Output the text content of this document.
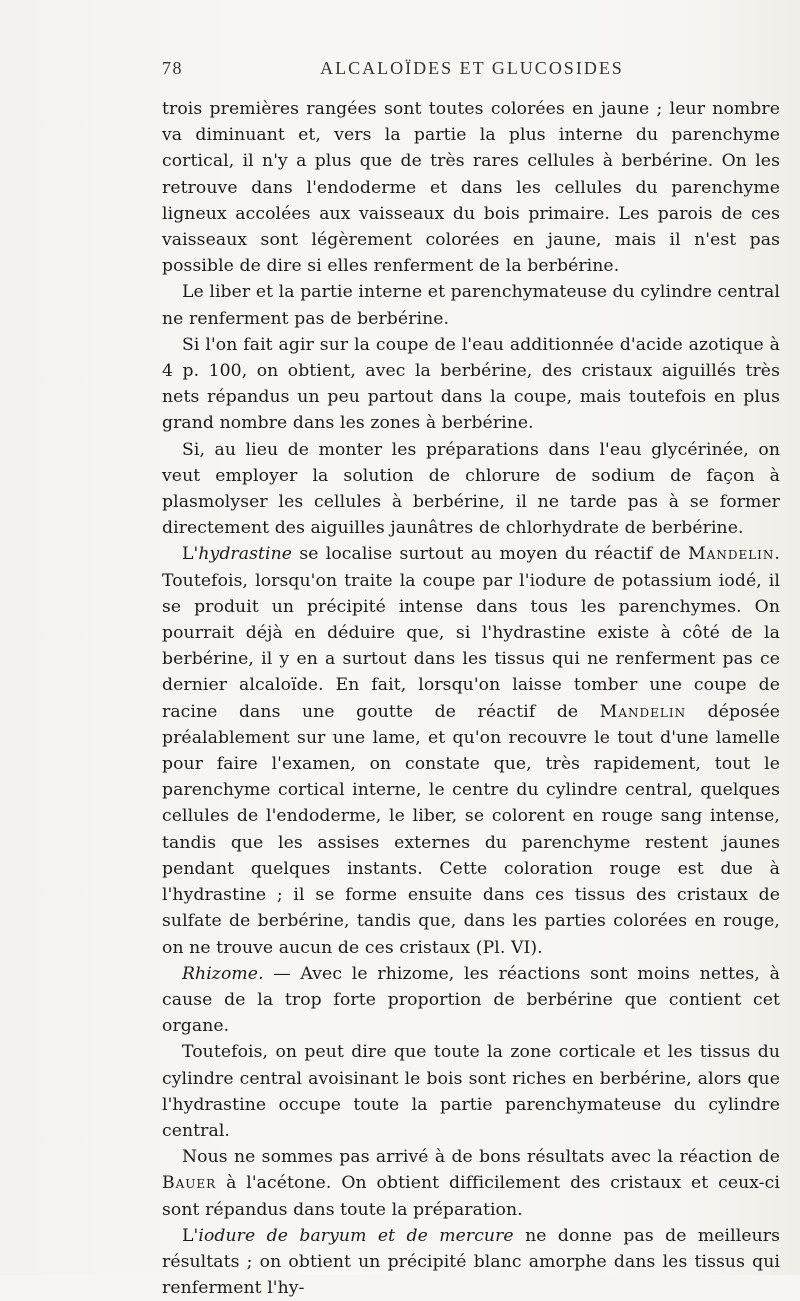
78	ALCALOÏDES ET GLUCOSIDES

trois premières rangées sont toutes colorées en jaune ; leur nombre va diminuant et, vers la partie la plus interne du parenchyme cortical, il n'y a plus que de très rares cellules à berbérine. On les retrouve dans l'endoderme et dans les cellules du parenchyme ligneux accolées aux vaisseaux du bois primaire. Les parois de ces vaisseaux sont légèrement colorées en jaune, mais il n'est pas possible de dire si elles renferment de la berbérine.

Le liber et la partie interne et parenchymateuse du cylindre central ne renferment pas de berbérine.

Si l'on fait agir sur la coupe de l'eau additionnée d'acide azotique à 4 p. 100, on obtient, avec la berbérine, des cristaux aiguillés très nets répandus un peu partout dans la coupe, mais toutefois en plus grand nombre dans les zones à berbérine.

Si, au lieu de monter les préparations dans l'eau glycérinée, on veut employer la solution de chlorure de sodium de façon à plasmolyser les cellules à berbérine, il ne tarde pas à se former directement des aiguilles jaunâtres de chlorhydrate de berbérine.

L'hydrastine se localise surtout au moyen du réactif de Mandelin. Toutefois, lorsqu'on traite la coupe par l'iodure de potassium iodé, il se produit un précipité intense dans tous les parenchymes. On pourrait déjà en déduire que, si l'hydrastine existe à côté de la berbérine, il y en a surtout dans les tissus qui ne renferment pas ce dernier alcaloïde. En fait, lorsqu'on laisse tomber une coupe de racine dans une goutte de réactif de Mandelin déposée préalablement sur une lame, et qu'on recouvre le tout d'une lamelle pour faire l'examen, on constate que, très rapidement, tout le parenchyme cortical interne, le centre du cylindre central, quelques cellules de l'endoderme, le liber, se colorent en rouge sang intense, tandis que les assises externes du parenchyme restent jaunes pendant quelques instants. Cette coloration rouge est due à l'hydrastine ; il se forme ensuite dans ces tissus des cristaux de sulfate de berbérine, tandis que, dans les parties colorées en rouge, on ne trouve aucun de ces cristaux (Pl. VI).

Rhizome. — Avec le rhizome, les réactions sont moins nettes, à cause de la trop forte proportion de berbérine que contient cet organe.

Toutefois, on peut dire que toute la zone corticale et les tissus du cylindre central avoisinant le bois sont riches en berbérine, alors que l'hydrastine occupe toute la partie parenchymateuse du cylindre central.

Nous ne sommes pas arrivé à de bons résultats avec la réaction de Bauer à l'acétone. On obtient difficilement des cristaux et ceux-ci sont répandus dans toute la préparation.

L'iodure de baryum et de mercure ne donne pas de meilleurs résultats ; on obtient un précipité blanc amorphe dans les tissus qui renferment l'hy-
